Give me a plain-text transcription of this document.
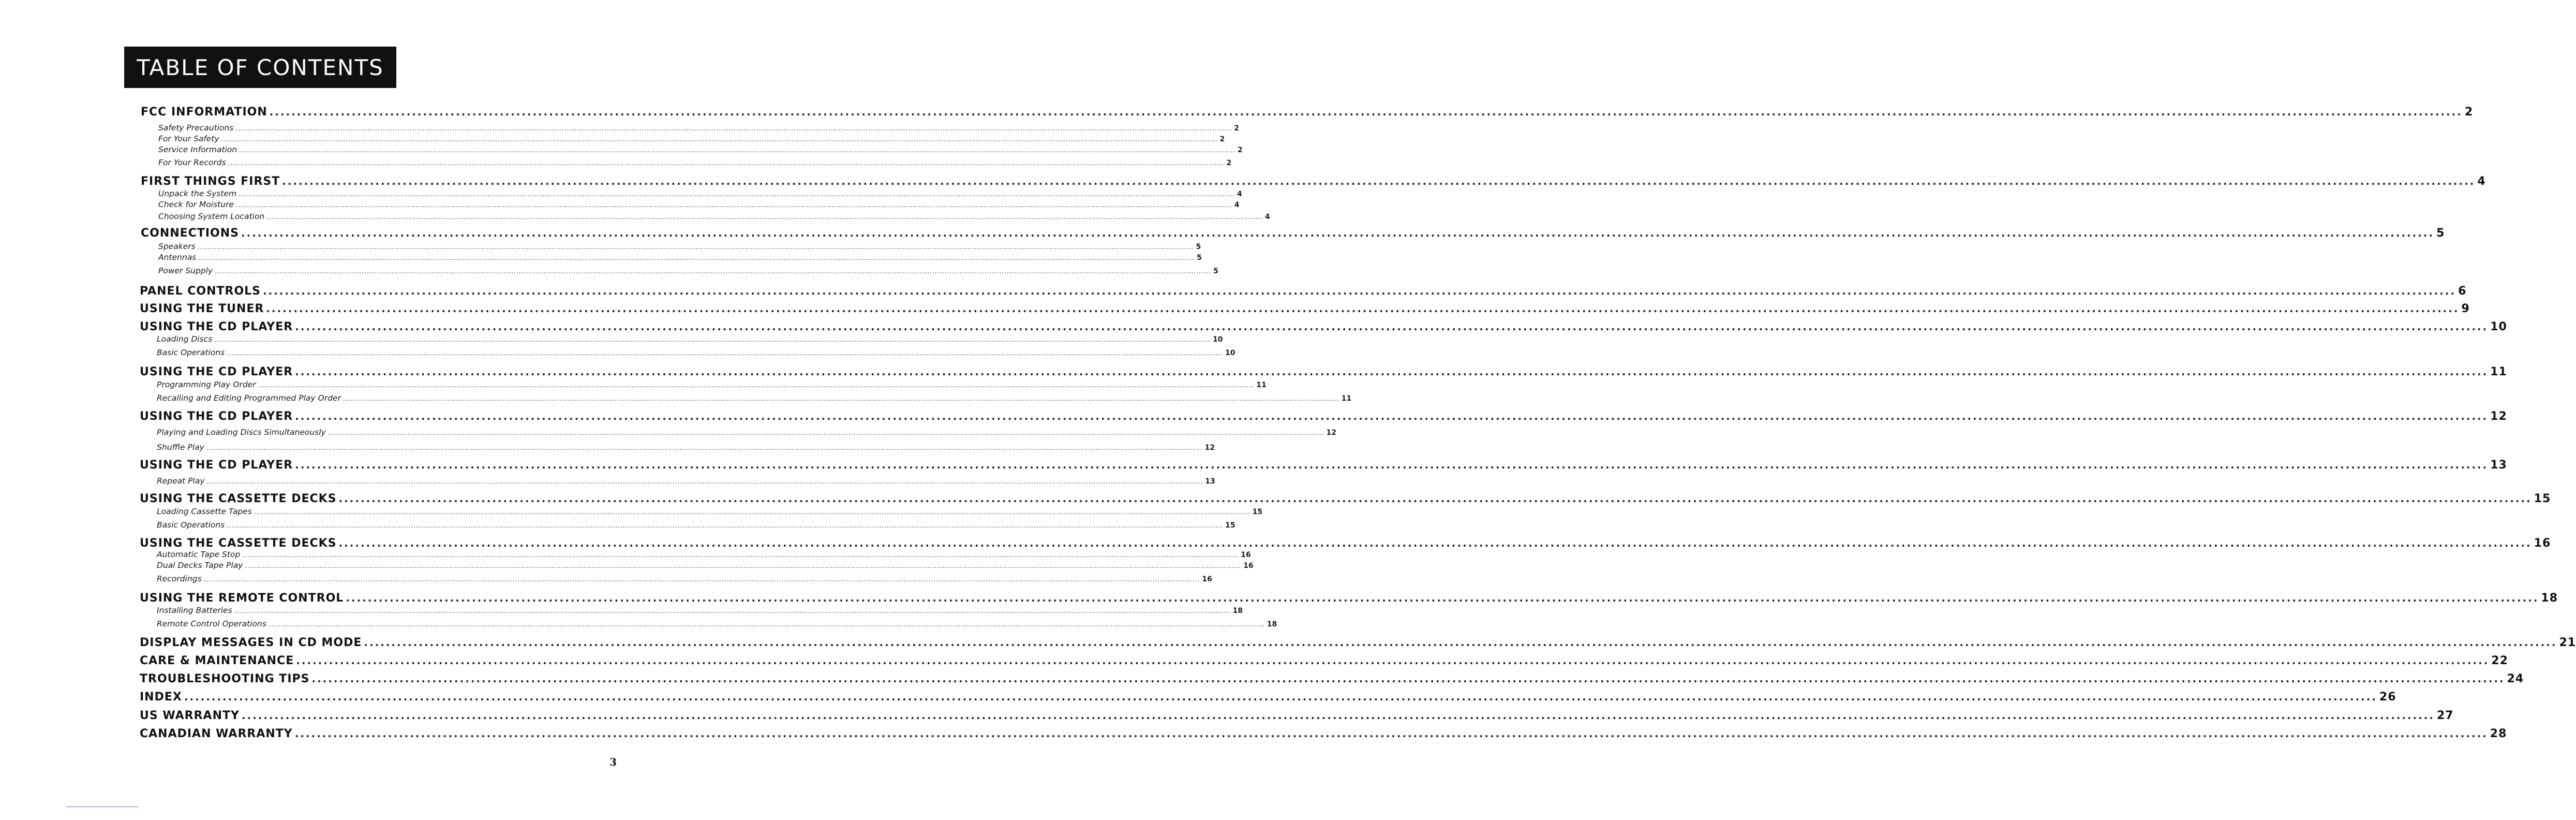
TABLE OF CONTENTS
FCC INFORMATION ................................................................................................................................................................................................................................................................................................................................................................................................................ 2
Safety Precautions ................................................................................................................................................................................................................................................................................................................................................................................................................ 2
For Your Safety ................................................................................................................................................................................................................................................................................................................................................................................................................ 2
Service Information ................................................................................................................................................................................................................................................................................................................................................................................................................ 2
For Your Records ................................................................................................................................................................................................................................................................................................................................................................................................................ 2
FIRST THINGS FIRST ................................................................................................................................................................................................................................................................................................................................................................................................................ 4
Unpack the System ................................................................................................................................................................................................................................................................................................................................................................................................................ 4
Check for Moisture ................................................................................................................................................................................................................................................................................................................................................................................................................ 4
Choosing System Location ................................................................................................................................................................................................................................................................................................................................................................................................................ 4
CONNECTIONS ................................................................................................................................................................................................................................................................................................................................................................................................................ 5
Speakers ................................................................................................................................................................................................................................................................................................................................................................................................................ 5
Antennas ................................................................................................................................................................................................................................................................................................................................................................................................................ 5
Power Supply ................................................................................................................................................................................................................................................................................................................................................................................................................ 5
PANEL CONTROLS ................................................................................................................................................................................................................................................................................................................................................................................................................ 6
USING THE TUNER ................................................................................................................................................................................................................................................................................................................................................................................................................ 9
USING THE CD PLAYER ................................................................................................................................................................................................................................................................................................................................................................................................................ 10
Loading Discs ................................................................................................................................................................................................................................................................................................................................................................................................................ 10
Basic Operations ................................................................................................................................................................................................................................................................................................................................................................................................................ 10
USING THE CD PLAYER ................................................................................................................................................................................................................................................................................................................................................................................................................ 11
Programming Play Order ................................................................................................................................................................................................................................................................................................................................................................................................................ 11
Recalling and Editing Programmed Play Order ................................................................................................................................................................................................................................................................................................................................................................................................................ 11
USING THE CD PLAYER ................................................................................................................................................................................................................................................................................................................................................................................................................ 12
Playing and Loading Discs Simultaneously ................................................................................................................................................................................................................................................................................................................................................................................................................ 12
Shuffle Play ................................................................................................................................................................................................................................................................................................................................................................................................................ 12
USING THE CD PLAYER ................................................................................................................................................................................................................................................................................................................................................................................................................ 13
Repeat Play ................................................................................................................................................................................................................................................................................................................................................................................................................ 13
USING THE CASSETTE DECKS ................................................................................................................................................................................................................................................................................................................................................................................................................ 15
Loading Cassette Tapes ................................................................................................................................................................................................................................................................................................................................................................................................................ 15
Basic Operations ................................................................................................................................................................................................................................................................................................................................................................................................................ 15
USING THE CASSETTE DECKS ................................................................................................................................................................................................................................................................................................................................................................................................................ 16
Automatic Tape Stop ................................................................................................................................................................................................................................................................................................................................................................................................................ 16
Dual Decks Tape Play ................................................................................................................................................................................................................................................................................................................................................................................................................ 16
Recordings ................................................................................................................................................................................................................................................................................................................................................................................................................ 16
USING THE REMOTE CONTROL ................................................................................................................................................................................................................................................................................................................................................................................................................ 18
Installing Batteries ................................................................................................................................................................................................................................................................................................................................................................................................................ 18
Remote Control Operations ................................................................................................................................................................................................................................................................................................................................................................................................................ 18
DISPLAY MESSAGES IN CD MODE ................................................................................................................................................................................................................................................................................................................................................................................................................ 21
CARE & MAINTENANCE ................................................................................................................................................................................................................................................................................................................................................................................................................ 22
TROUBLESHOOTING TIPS ................................................................................................................................................................................................................................................................................................................................................................................................................ 24
INDEX ................................................................................................................................................................................................................................................................................................................................................................................................................ 26
US WARRANTY ................................................................................................................................................................................................................................................................................................................................................................................................................ 27
CANADIAN WARRANTY ................................................................................................................................................................................................................................................................................................................................................................................................................ 28
3
